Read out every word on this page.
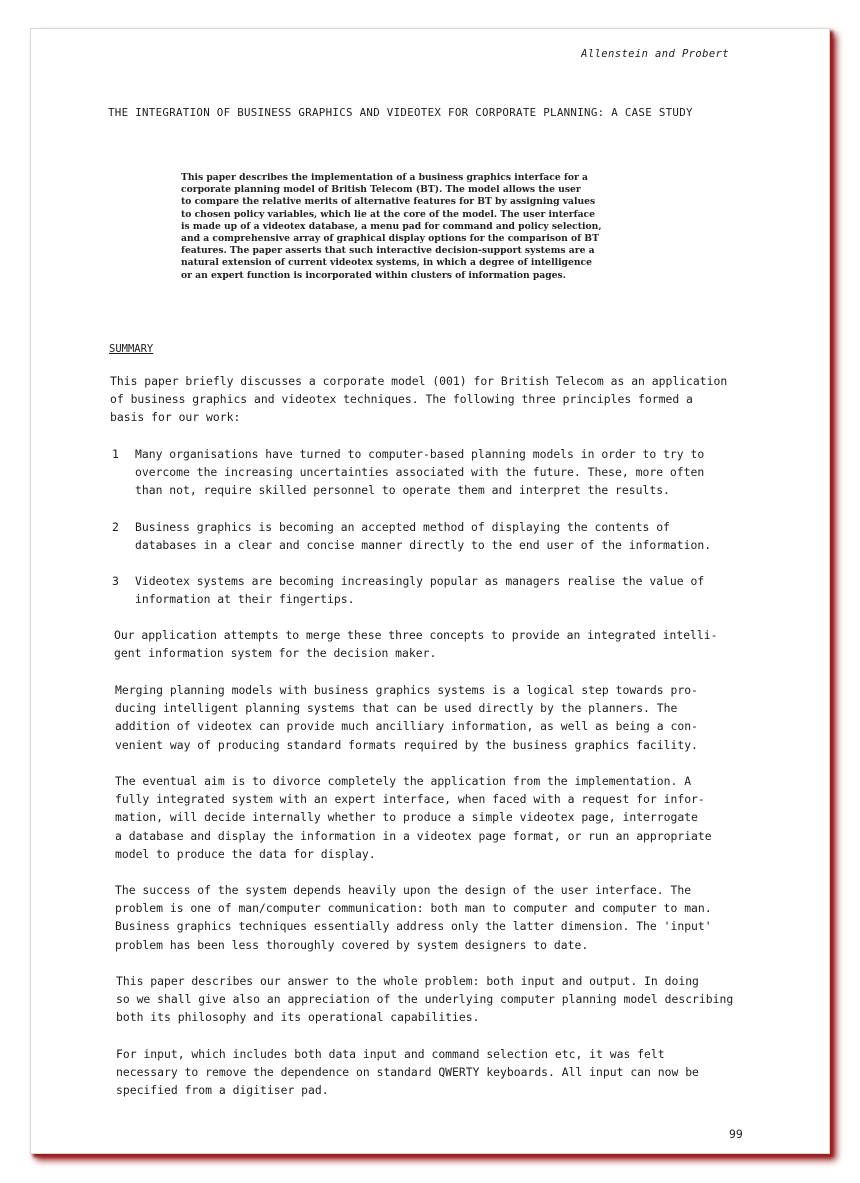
Allenstein and Probert

THE INTEGRATION OF BUSINESS GRAPHICS AND VIDEOTEX FOR CORPORATE PLANNING: A CASE STUDY

This paper describes the implementation of a business graphics interface for a
corporate planning model of British Telecom (BT). The model allows the user
to compare the relative merits of alternative features for BT by assigning values
to chosen policy variables, which lie at the core of the model. The user interface
is made up of a videotex database, a menu pad for command and policy selection,
and a comprehensive array of graphical display options for the comparison of BT
features. The paper asserts that such interactive decision-support systems are a
natural extension of current videotex systems, in which a degree of intelligence
or an expert function is incorporated within clusters of information pages.

SUMMARY

This paper briefly discusses a corporate model (001) for British Telecom as an application
of business graphics and videotex techniques. The following three principles formed a
basis for our work:

1	Many organisations have turned to computer-based planning models in order to try to
overcome the increasing uncertainties associated with the future. These, more often
than not, require skilled personnel to operate them and interpret the results.
2	Business graphics is becoming an accepted method of displaying the contents of
databases in a clear and concise manner directly to the end user of the information.
3	Videotex systems are becoming increasingly popular as managers realise the value of
information at their fingertips.

Our application attempts to merge these three concepts to provide an integrated intelli-
gent information system for the decision maker.

Merging planning models with business graphics systems is a logical step towards pro-
ducing intelligent planning systems that can be used directly by the planners. The
addition of videotex can provide much ancilliary information, as well as being a con-
venient way of producing standard formats required by the business graphics facility.

The eventual aim is to divorce completely the application from the implementation. A
fully integrated system with an expert interface, when faced with a request for infor-
mation, will decide internally whether to produce a simple videotex page, interrogate
a database and display the information in a videotex page format, or run an appropriate
model to produce the data for display.

The success of the system depends heavily upon the design of the user interface. The
problem is one of man/computer communication: both man to computer and computer to man.
Business graphics techniques essentially address only the latter dimension. The 'input'
problem has been less thoroughly covered by system designers to date.

This paper describes our answer to the whole problem: both input and output. In doing
so we shall give also an appreciation of the underlying computer planning model describing
both its philosophy and its operational capabilities.

For input, which includes both data input and command selection etc, it was felt
necessary to remove the dependence on standard QWERTY keyboards. All input can now be
specified from a digitiser pad.

99
